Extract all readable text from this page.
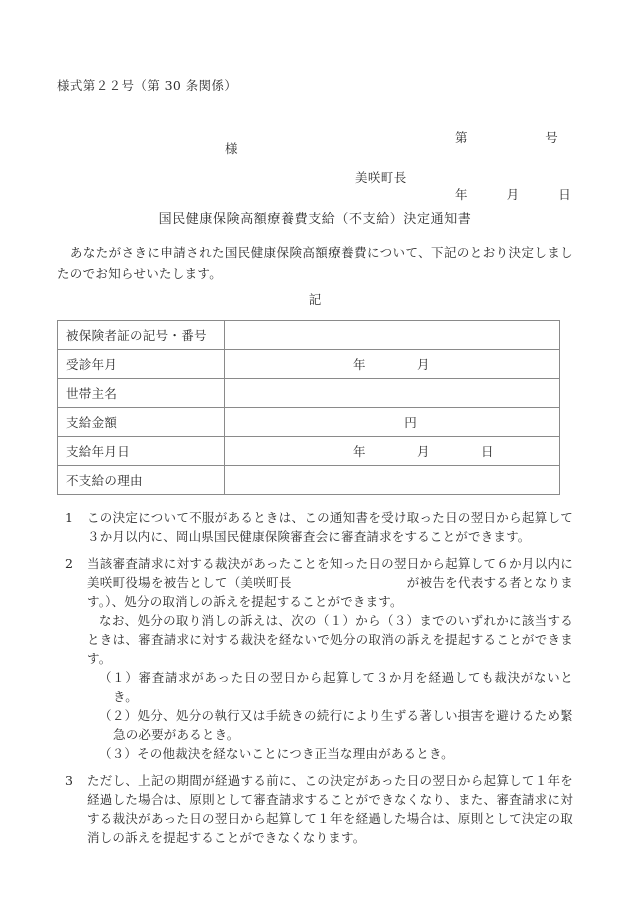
様式第２２号（第 30 条関係）

第　　　　　　号

年　　　月　　　日

様
美咲町長
国民健康保険高額療養費支給（不支給）決定通知書
　あなたがさきに申請された国民健康保険高額療養費について、下記のとおり決定しましたのでお知らせいたします。
記
被保険者証の記号・番号	

受診年月	年　　　　月

世帯主名	

支給金額	　　　　円

支給年月日	年　　　　月　　　　日

不支給の理由	
1	この決定について不服があるときは、この通知書を受け取った日の翌日から起算して３か月以内に、岡山県国民健康保険審査会に審査請求をすることができます。

2	当該審査請求に対する裁決があったことを知った日の翌日から起算して６か月以内に美咲町役場を被告として（美咲町長　　　　　　　　　が被告を代表する者となります。）、処分の取消しの訴えを提起することができます。

なお、処分の取り消しの訴えは、次の（１）から（３）までのいずれかに該当するときは、審査請求に対する裁決を経ないで処分の取消の訴えを提起することができます。

（１）審査請求があった日の翌日から起算して３か月を経過しても裁決がないとき。
（２）処分、処分の執行又は手続きの続行により生ずる著しい損害を避けるため緊急の必要があるとき。
（３）その他裁決を経ないことにつき正当な理由があるとき。
3	ただし、上記の期間が経過する前に、この決定があった日の翌日から起算して１年を経過した場合は、原則として審査請求することができなくなり、また、審査請求に対する裁決があった日の翌日から起算して１年を経過した場合は、原則として決定の取消しの訴えを提起することができなくなります。
